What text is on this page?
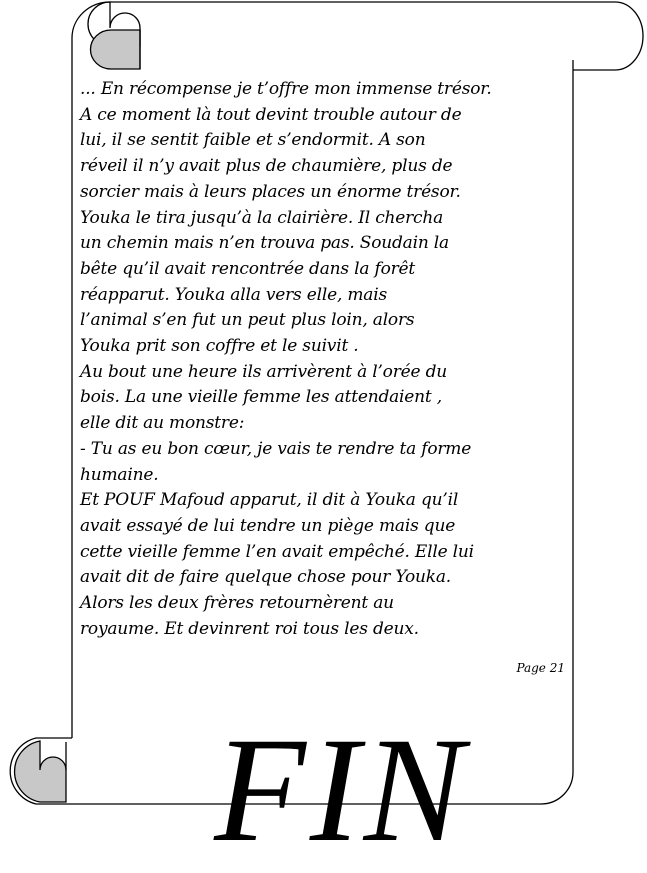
... En récompense je t’offre mon immense trésor.
A ce moment là tout devint trouble autour de
lui, il se sentit faible et s’endormit. A son
réveil il n’y avait plus de chaumière, plus de
sorcier mais à leurs places un énorme trésor.
Youka le tira jusqu’à la clairière. Il chercha
un chemin mais n’en trouva pas. Soudain la
bête qu’il avait rencontrée dans la forêt
réapparut. Youka alla vers elle, mais
l’animal s’en fut un peut plus loin, alors
Youka prit son coffre et le suivit .
Au bout une heure ils arrivèrent à l’orée du
bois. La une vieille femme les attendaient ,
elle dit au monstre:
- Tu as eu bon cœur, je vais te rendre ta forme
humaine.
Et POUF Mafoud apparut, il dit à Youka qu’il
avait essayé de lui tendre un piège mais que
cette vieille femme l’en avait empêché. Elle lui
avait dit de faire quelque chose pour Youka.
Alors les deux frères retournèrent au
royaume. Et devinrent roi tous les deux.
Page 21
FIN
